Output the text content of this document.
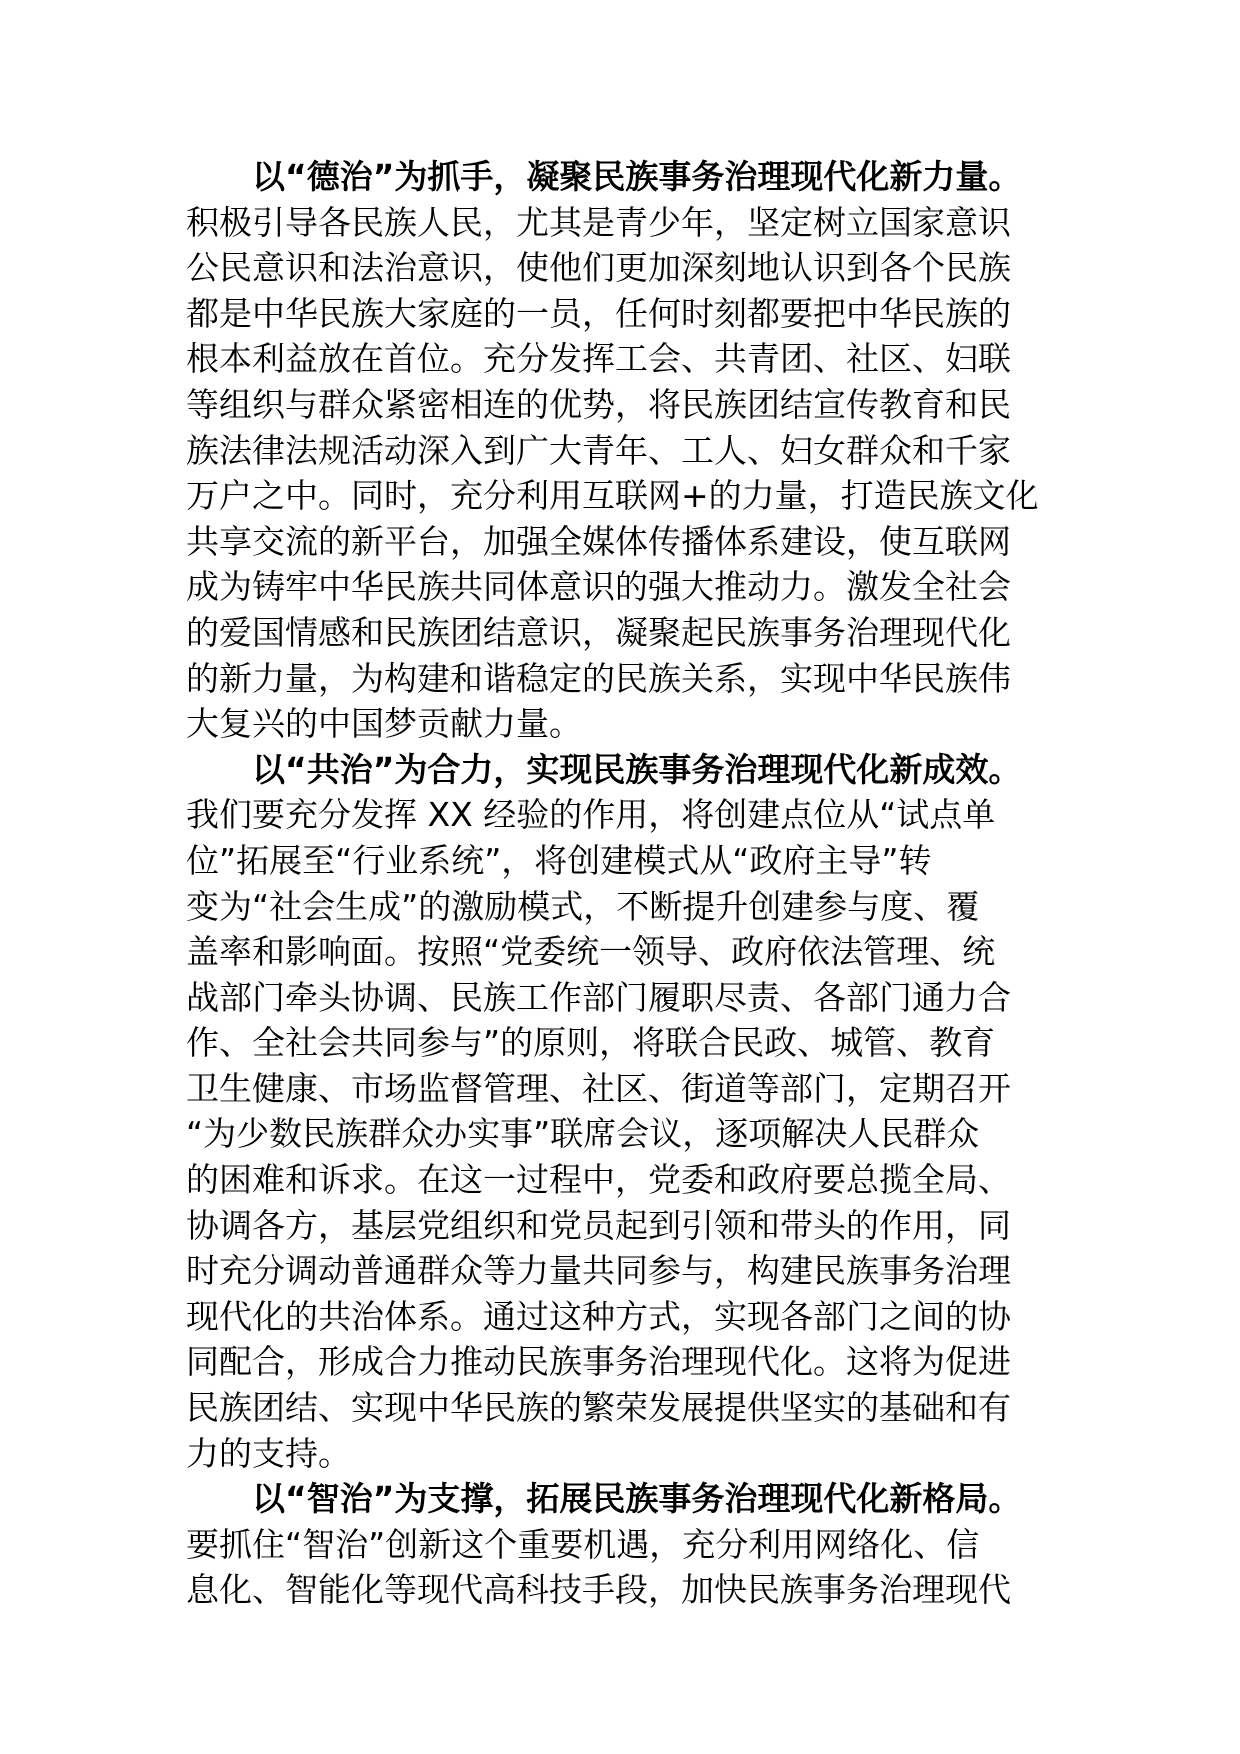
以“德治”为抓手，凝聚民族事务治理现代化新力量。
积极引导各民族人民，尤其是青少年，坚定树立国家意识
公民意识和法治意识，使他们更加深刻地认识到各个民族
都是中华民族大家庭的一员，任何时刻都要把中华民族的
根本利益放在首位。充分发挥工会、共青团、社区、妇联
等组织与群众紧密相连的优势，将民族团结宣传教育和民
族法律法规活动深入到广大青年、工人、妇女群众和千家
万户之中。同时，充分利用互联网+的力量，打造民族文化
共享交流的新平台，加强全媒体传播体系建设，使互联网
成为铸牢中华民族共同体意识的强大推动力。激发全社会
的爱国情感和民族团结意识，凝聚起民族事务治理现代化
的新力量，为构建和谐稳定的民族关系，实现中华民族伟
大复兴的中国梦贡献力量。
以“共治”为合力，实现民族事务治理现代化新成效。
我们要充分发挥 XX 经验的作用，将创建点位从“试点单
位”拓展至“行业系统”，将创建模式从“政府主导”转
变为“社会生成”的激励模式，不断提升创建参与度、覆
盖率和影响面。按照“党委统一领导、政府依法管理、统
战部门牵头协调、民族工作部门履职尽责、各部门通力合
作、全社会共同参与”的原则，将联合民政、城管、教育
卫生健康、市场监督管理、社区、街道等部门，定期召开
“为少数民族群众办实事”联席会议，逐项解决人民群众
的困难和诉求。在这一过程中，党委和政府要总揽全局、
协调各方，基层党组织和党员起到引领和带头的作用，同
时充分调动普通群众等力量共同参与，构建民族事务治理
现代化的共治体系。通过这种方式，实现各部门之间的协
同配合，形成合力推动民族事务治理现代化。这将为促进
民族团结、实现中华民族的繁荣发展提供坚实的基础和有
力的支持。
以“智治”为支撑，拓展民族事务治理现代化新格局。
要抓住“智治”创新这个重要机遇，充分利用网络化、信
息化、智能化等现代高科技手段，加快民族事务治理现代
